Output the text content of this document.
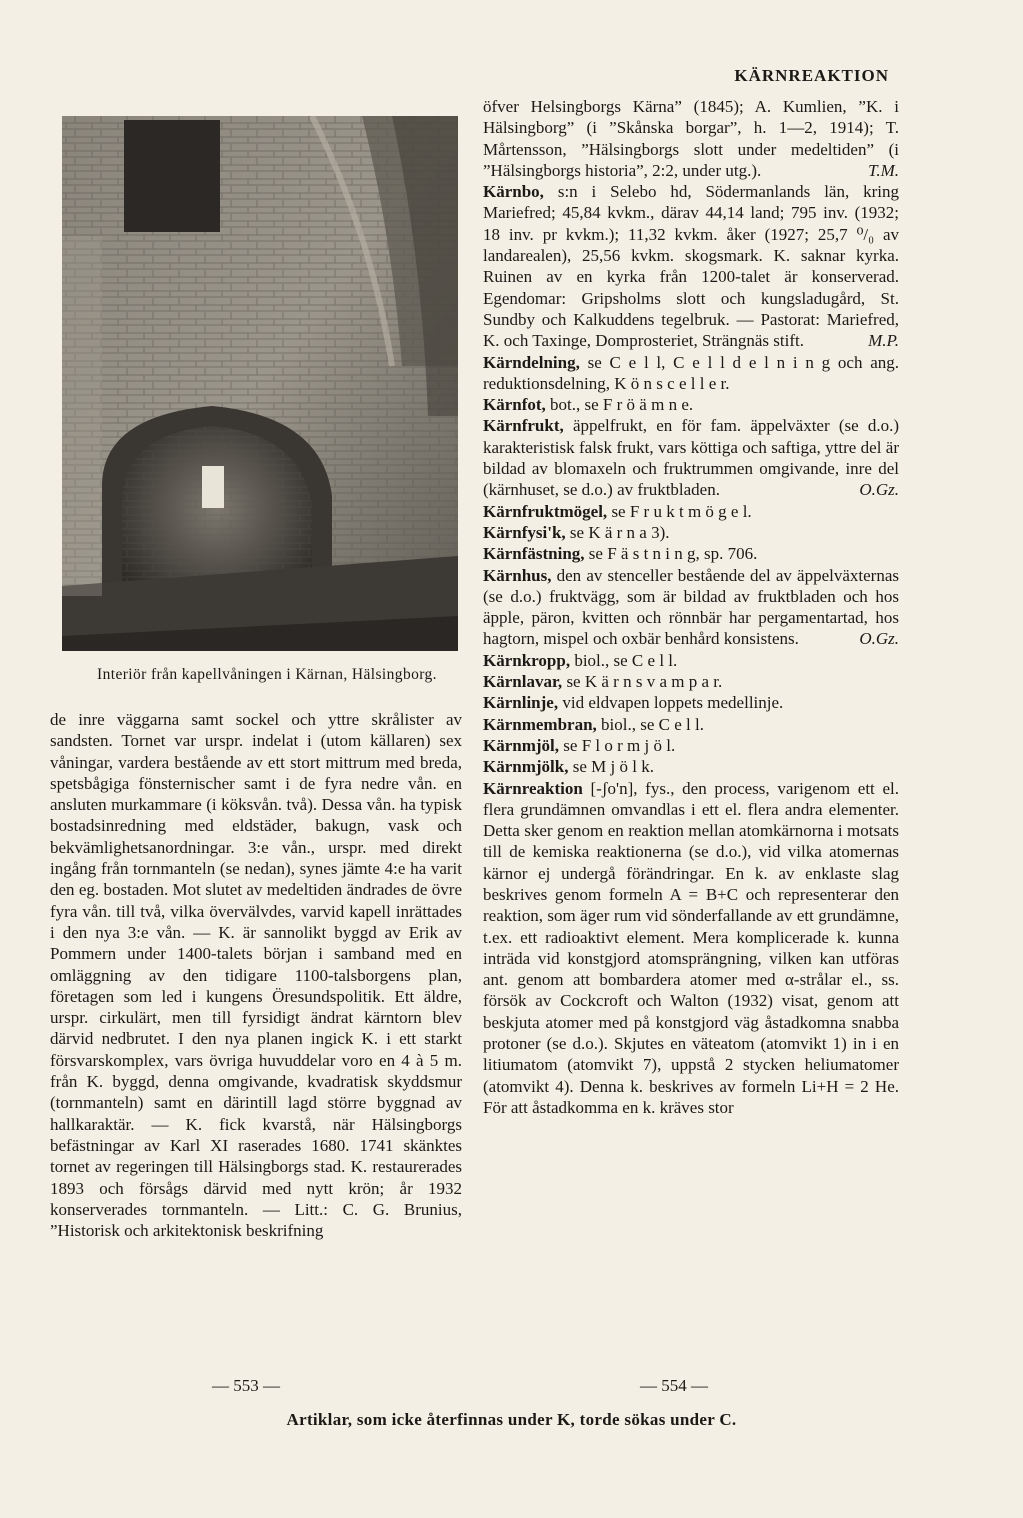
KÄRNREAKTION
Interiör från kapellvåningen i Kärnan, Hälsingborg.

de inre väggarna samt sockel och yttre skrålister av sandsten. Tornet var urspr. indelat i (utom källaren) sex våningar, vardera bestående av ett stort mittrum med breda, spetsbågiga fönsternischer samt i de fyra nedre vån. en ansluten murkammare (i köksvån. två). Dessa vån. ha typisk bostadsinredning med eldstäder, bakugn, vask och bekvämlighetsanordningar. 3:e vån., urspr. med direkt ingång från tornmanteln (se nedan), synes jämte 4:e ha varit den eg. bostaden. Mot slutet av medeltiden ändrades de övre fyra vån. till två, vilka övervälvdes, varvid kapell inrättades i den nya 3:e vån. — K. är sannolikt byggd av Erik av Pommern under 1400-talets början i samband med en omläggning av den tidigare 1100-talsborgens plan, företagen som led i kungens Öresundspolitik. Ett äldre, urspr. cirkulärt, men till fyrsidigt ändrat kärntorn blev därvid nedbrutet. I den nya planen ingick K. i ett starkt försvarskomplex, vars övriga huvuddelar voro en 4 à 5 m. från K. byggd, denna omgivande, kvadratisk skyddsmur (tornmanteln) samt en därintill lagd större byggnad av hallkaraktär. — K. fick kvarstå, när Hälsingborgs befästningar av Karl XI raserades 1680. 1741 skänktes tornet av regeringen till Hälsingborgs stad. K. restaurerades 1893 och försågs därvid med nytt krön; år 1932 konserverades tornmanteln. — Litt.: C. G. Brunius, ”Historisk och arkitektonisk beskrifning

öfver Helsingborgs Kärna” (1845); A. Kumlien, ”K. i Hälsingborg” (i ”Skånska borgar”, h. 1—2, 1914); T. Mårtensson, ”Hälsingborgs slott under medeltiden” (i ”Hälsingborgs historia”, 2:2, under utg.).	T.M.

Kärnbo, s:n i Selebo hd, Södermanlands län, kring Mariefred; 45,84 kvkm., därav 44,14 land; 795 inv. (1932; 18 inv. pr kvkm.); 11,32 kvkm. åker (1927; 25,7 ⁰/₀ av landarealen), 25,56 kvkm. skogsmark. K. saknar kyrka. Ruinen av en kyrka från 1200-talet är konserverad. Egendomar: Gripsholms slott och kungsladugård, St. Sundby och Kalkuddens tegelbruk. — Pastorat: Mariefred, K. och Taxinge, Domprosteriet, Strängnäs stift.	M.P.

Kärndelning, se C e l l, C e l l d e l n i n g och ang. reduktionsdelning, K ö n s c e l l e r.

Kärnfot, bot., se F r ö ä m n e.

Kärnfrukt, äppelfrukt, en för fam. äppelväxter (se d.o.) karakteristisk falsk frukt, vars köttiga och saftiga, yttre del är bildad av blomaxeln och fruktrummen omgivande, inre del (kärnhuset, se d.o.) av fruktbladen.	O.Gz.

Kärnfruktmögel, se F r u k t m ö g e l.

Kärnfysi'k, se K ä r n a 3).

Kärnfästning, se F ä s t n i n g, sp. 706.

Kärnhus, den av stenceller bestående del av äppelväxternas (se d.o.) fruktvägg, som är bildad av fruktbladen och hos äpple, päron, kvitten och rönnbär har pergamentartad, hos hagtorn, mispel och oxbär benhård konsistens.	O.Gz.

Kärnkropp, biol., se C e l l.

Kärnlavar, se K ä r n s v a m p a r.

Kärnlinje, vid eldvapen loppets medellinje.

Kärnmembran, biol., se C e l l.

Kärnmjöl, se F l o r m j ö l.

Kärnmjölk, se M j ö l k.

Kärnreaktion [-ʃo'n], fys., den process, varigenom ett el. flera grundämnen omvandlas i ett el. flera andra elementer. Detta sker genom en reaktion mellan atomkärnorna i motsats till de kemiska reaktionerna (se d.o.), vid vilka atomernas kärnor ej undergå förändringar. En k. av enklaste slag beskrives genom formeln A = B+C och representerar den reaktion, som äger rum vid sönderfallande av ett grundämne, t.ex. ett radioaktivt element. Mera komplicerade k. kunna inträda vid konstgjord atomsprängning, vilken kan utföras ant. genom att bombardera atomer med α-strålar el., ss. försök av Cockcroft och Walton (1932) visat, genom att beskjuta atomer med på konstgjord väg åstadkomna snabba protoner (se d.o.). Skjutes en väteatom (atomvikt 1) in i en litiumatom (atomvikt 7), uppstå 2 stycken heliumatomer (atomvikt 4). Denna k. beskrives av formeln Li+H = 2 He. För att åstadkomma en k. kräves stor

— 553 —	— 554 —
Artiklar, som icke återfinnas under K, torde sökas under C.
